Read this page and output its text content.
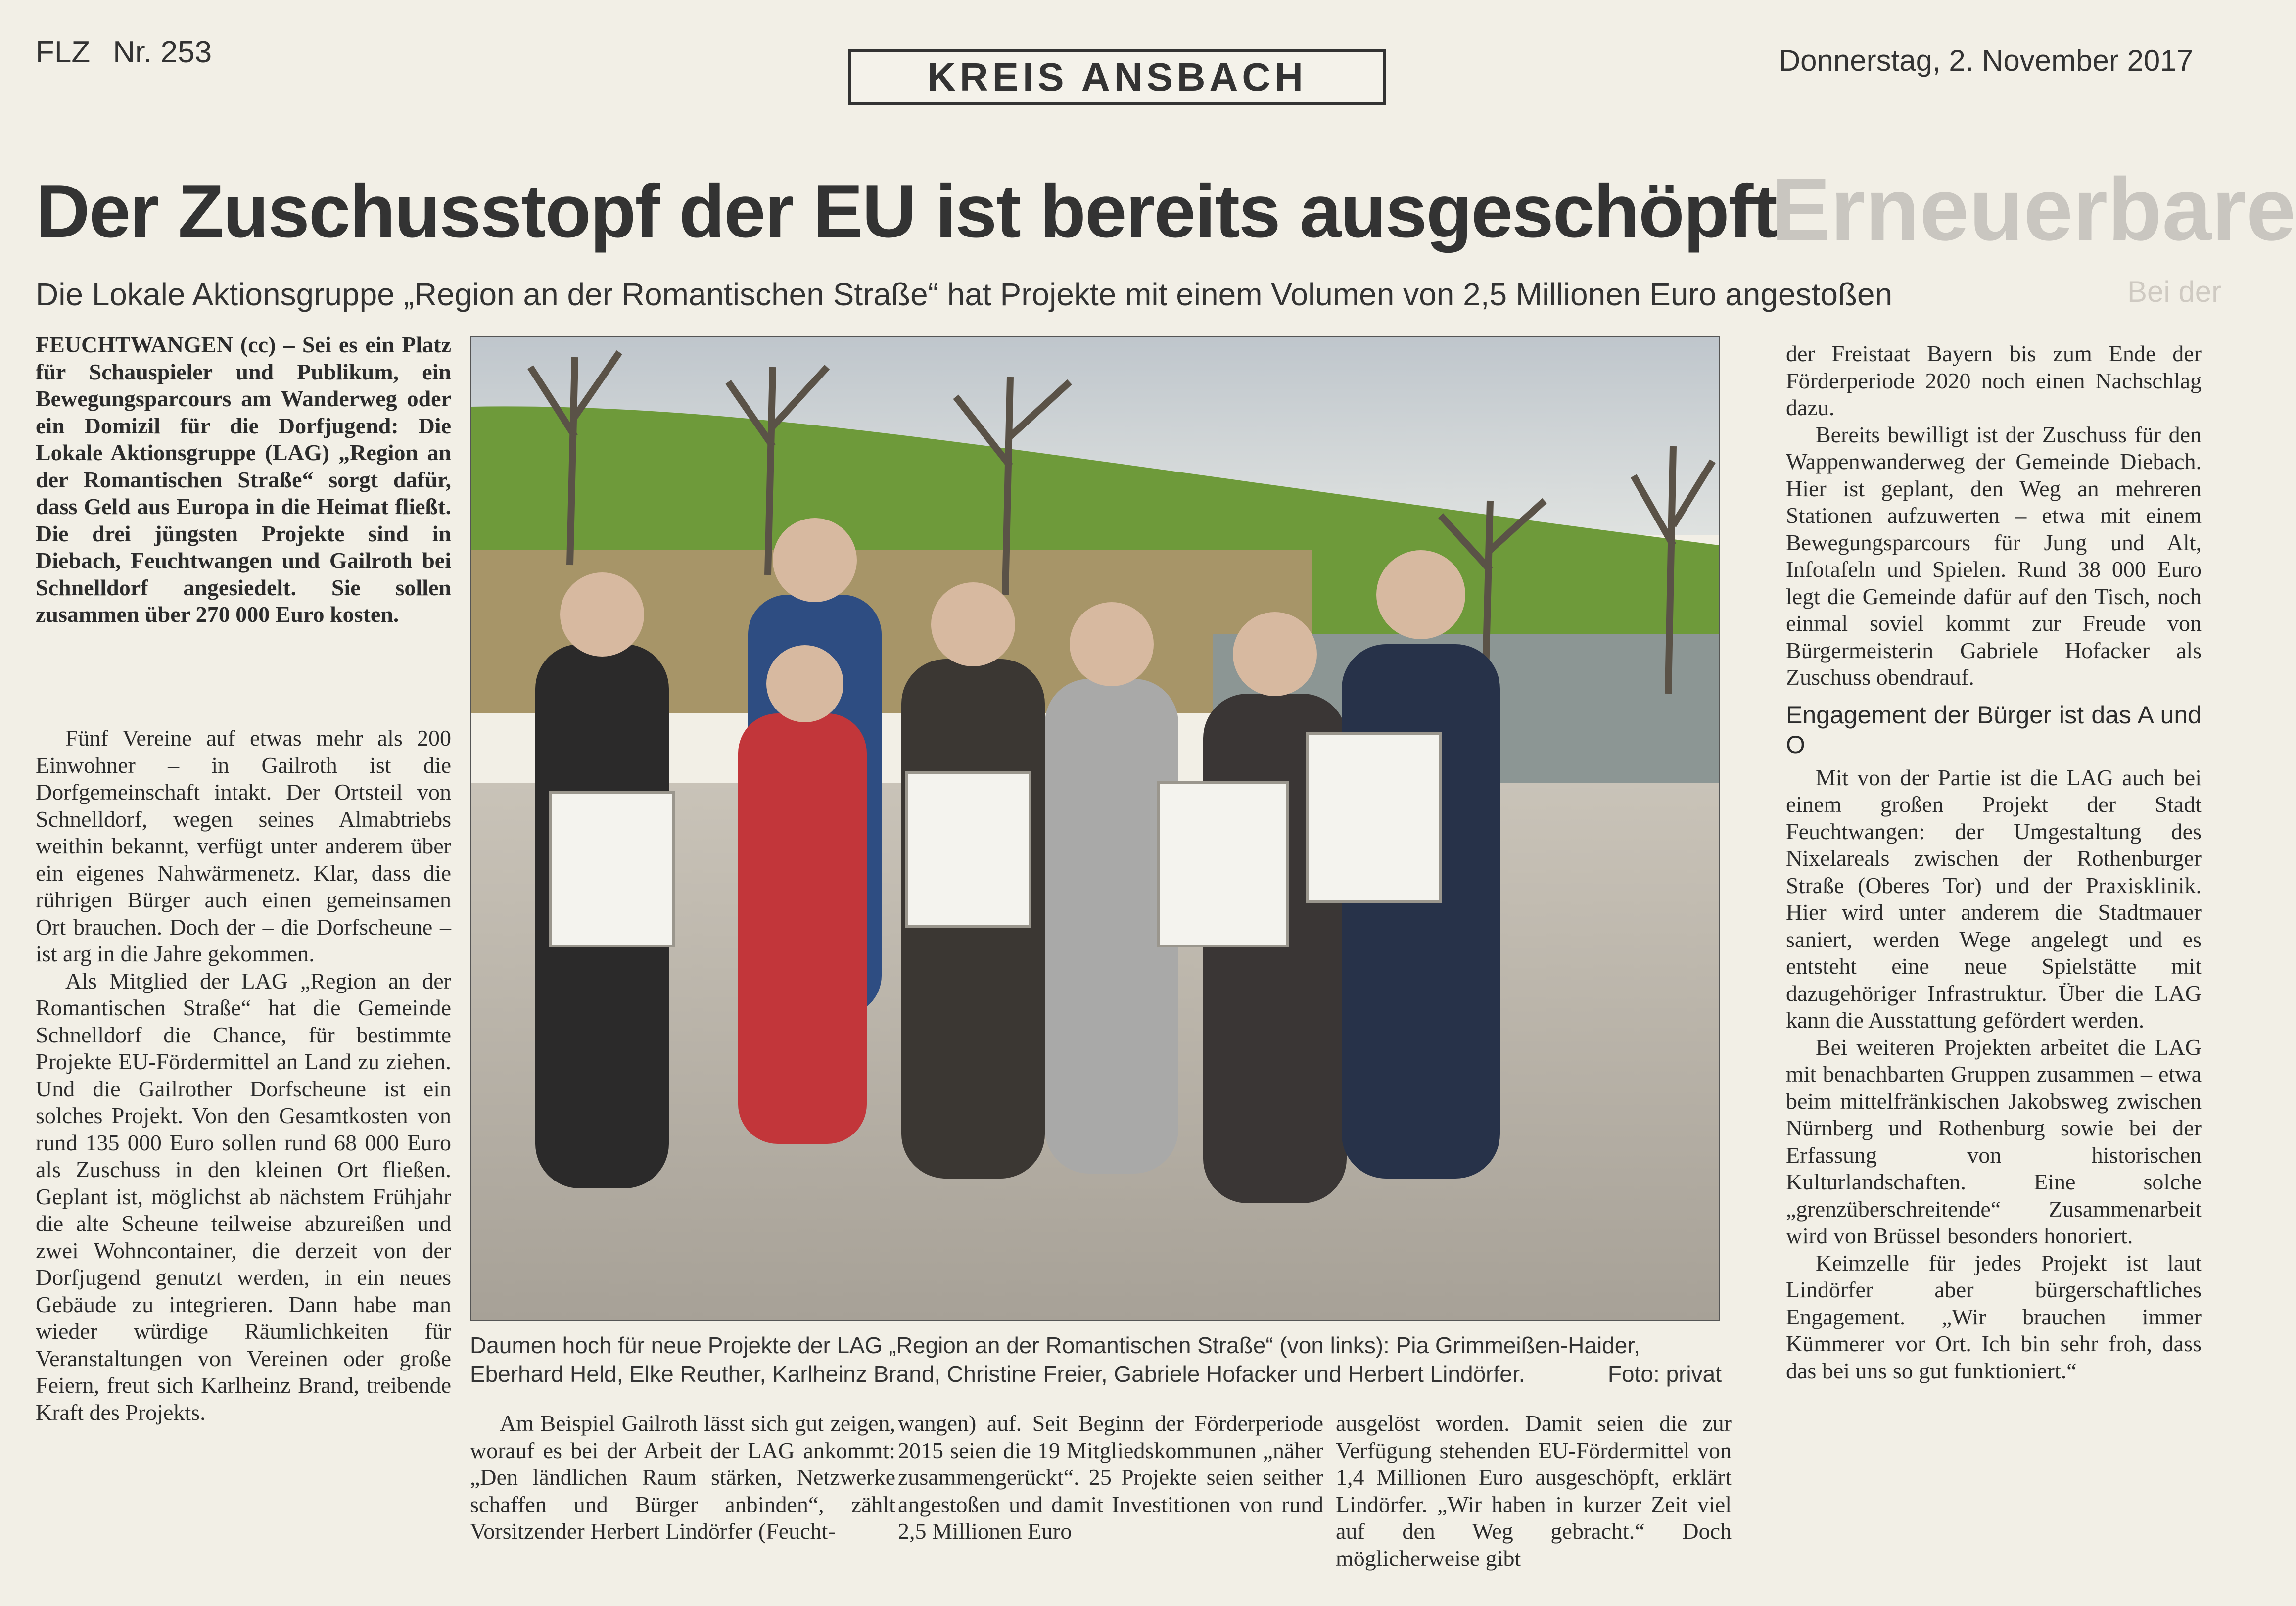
FLZ Nr. 253
KREIS ANSBACH	Donnerstag, 2. November 2017
Erneuerbare
Bei der
Der Zuschusstopf der EU ist bereits ausgeschöpft
Die Lokale Aktionsgruppe „Region an der Romantischen Straße“ hat Projekte mit einem Volumen von 2,5 Millionen Euro angestoßen

FEUCHTWANGEN (cc) – Sei es ein Platz für Schauspieler und Publikum, ein Bewegungsparcours am Wanderweg oder ein Domizil für die Dorfjugend: Die Lokale Aktionsgruppe (LAG) „Region an der Romantischen Straße“ sorgt dafür, dass Geld aus Europa in die Heimat fließt. Die drei jüngsten Projekte sind in Diebach, Feuchtwangen und Gailroth bei Schnelldorf angesiedelt. Sie sollen zusammen über 270 000 Euro kosten.

Fünf Vereine auf etwas mehr als 200 Einwohner – in Gailroth ist die Dorfgemeinschaft intakt. Der Ortsteil von Schnelldorf, wegen seines Almabtriebs weithin bekannt, verfügt unter anderem über ein eigenes Nahwärmenetz. Klar, dass die rührigen Bürger auch einen gemeinsamen Ort brauchen. Doch der – die Dorfscheune – ist arg in die Jahre gekommen.

Als Mitglied der LAG „Region an der Romantischen Straße“ hat die Gemeinde Schnelldorf die Chance, für bestimmte Projekte EU-Fördermittel an Land zu ziehen. Und die Gailrother Dorfscheune ist ein solches Projekt. Von den Gesamtkosten von rund 135 000 Euro sollen rund 68 000 Euro als Zuschuss in den kleinen Ort fließen. Geplant ist, möglichst ab nächstem Frühjahr die alte Scheune teilweise abzureißen und zwei Wohncontainer, die derzeit von der Dorfjugend genutzt werden, in ein neues Gebäude zu integrieren. Dann habe man wieder würdige Räumlichkeiten für Veranstaltungen von Vereinen oder große Feiern, freut sich Karlheinz Brand, treibende Kraft des Projekts.

Daumen hoch für neue Projekte der LAG „Region an der Romantischen Straße“ (von links): Pia Grimmeißen-Haider, Eberhard Held, Elke Reuther, Karlheinz Brand, Christine Freier, Gabriele Hofacker und Herbert Lindörfer.	Foto: privat

Am Beispiel Gailroth lässt sich gut zeigen, worauf es bei der Arbeit der LAG ankommt: „Den ländlichen Raum stärken, Netzwerke schaffen und Bürger anbinden“, zählt Vorsitzender Herbert Lindörfer (Feucht-

wangen) auf. Seit Beginn der Förderperiode 2015 seien die 19 Mitgliedskommunen „näher zusammengerückt“. 25 Projekte seien seither angestoßen und damit Investitionen von rund 2,5 Millionen Euro

ausgelöst worden. Damit seien die zur Verfügung stehenden EU-Fördermittel von 1,4 Millionen Euro ausgeschöpft, erklärt Lindörfer. „Wir haben in kurzer Zeit viel auf den Weg gebracht.“ Doch möglicherweise gibt

der Freistaat Bayern bis zum Ende der Förderperiode 2020 noch einen Nachschlag dazu.

Bereits bewilligt ist der Zuschuss für den Wappenwanderweg der Gemeinde Diebach. Hier ist geplant, den Weg an mehreren Stationen aufzuwerten – etwa mit einem Bewegungsparcours für Jung und Alt, Infotafeln und Spielen. Rund 38 000 Euro legt die Gemeinde dafür auf den Tisch, noch einmal soviel kommt zur Freude von Bürgermeisterin Gabriele Hofacker als Zuschuss obendrauf.

Engagement der Bürger ist das A und O

Mit von der Partie ist die LAG auch bei einem großen Projekt der Stadt Feuchtwangen: der Umgestaltung des Nixelareals zwischen der Rothenburger Straße (Oberes Tor) und der Praxisklinik. Hier wird unter anderem die Stadtmauer saniert, werden Wege angelegt und es entsteht eine neue Spielstätte mit dazugehöriger Infrastruktur. Über die LAG kann die Ausstattung gefördert werden.

Bei weiteren Projekten arbeitet die LAG mit benachbarten Gruppen zusammen – etwa beim mittelfränkischen Jakobsweg zwischen Nürnberg und Rothenburg sowie bei der Erfassung von historischen Kulturlandschaften. Eine solche „grenzüberschreitende“ Zusammenarbeit wird von Brüssel besonders honoriert.

Keimzelle für jedes Projekt ist laut Lindörfer aber bürgerschaftliches Engagement. „Wir brauchen immer Kümmerer vor Ort. Ich bin sehr froh, dass das bei uns so gut funktioniert.“
